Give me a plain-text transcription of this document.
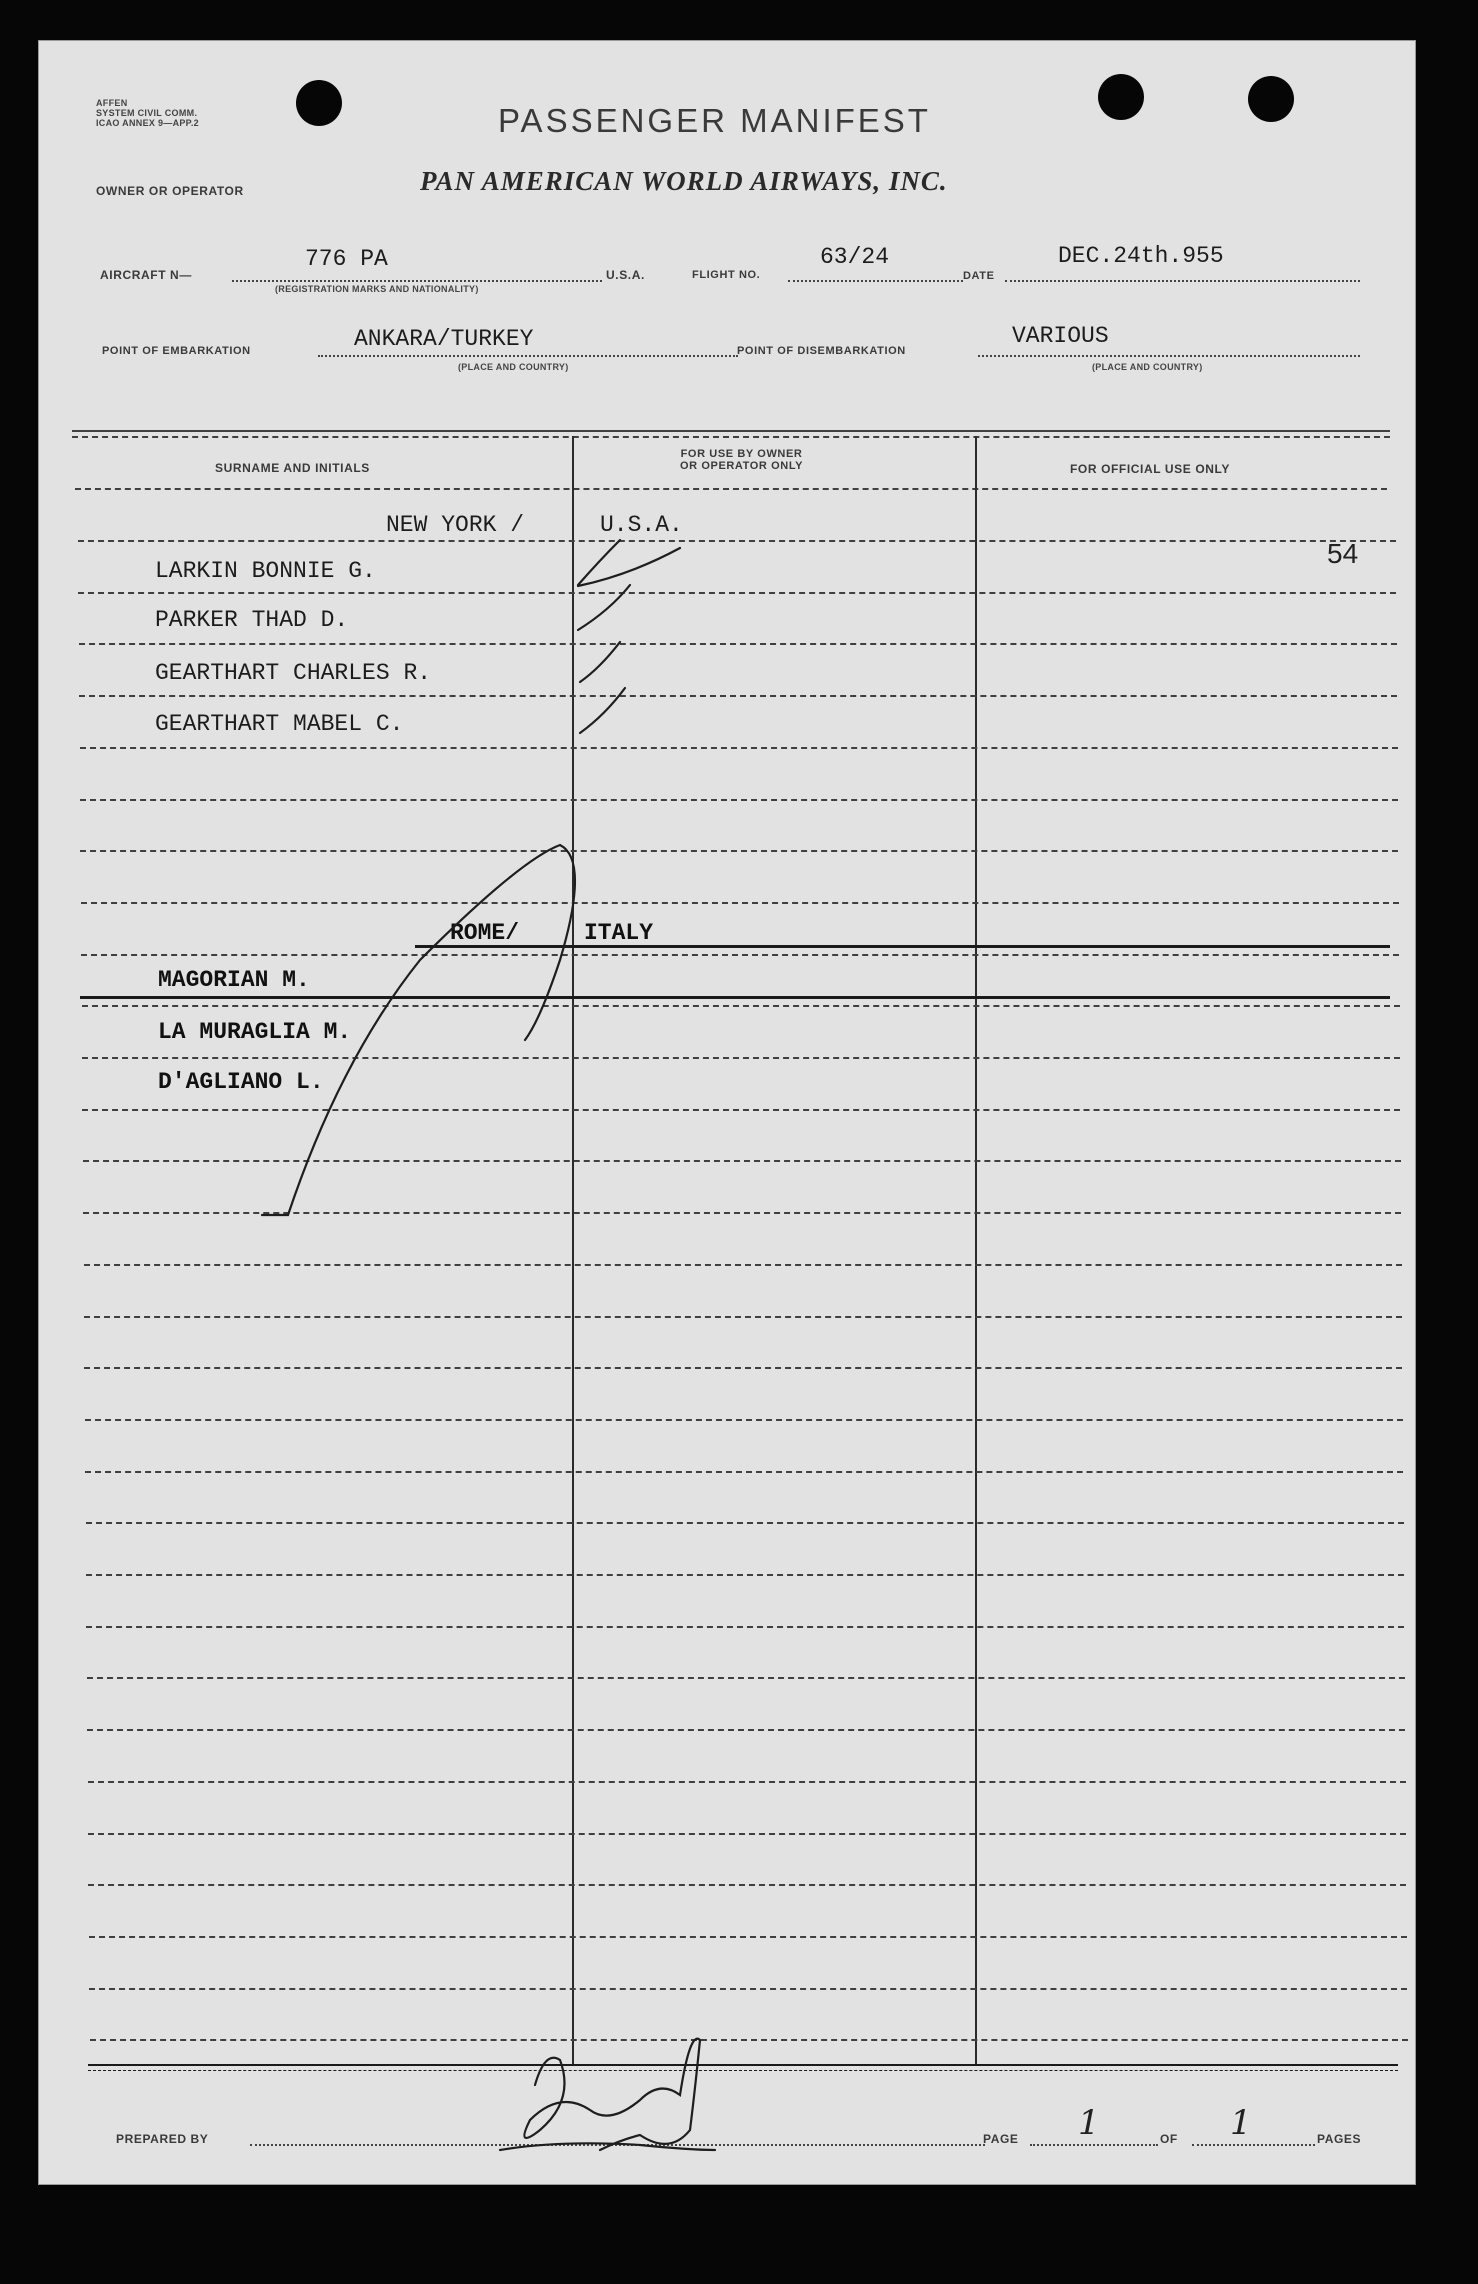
AFFEN
SYSTEM CIVIL COMM.
ICAO ANNEX 9—APP.2	PASSENGER MANIFEST
OWNER OR OPERATOR	PAN AMERICAN WORLD AIRWAYS, INC.
AIRCRAFT N—
776 PA
(REGISTRATION MARKS AND NATIONALITY)
U.S.A.	FLIGHT NO.
63/24
DATE
DEC.24th.955
POINT OF EMBARKATION	ANKARA/TURKEY
(PLACE AND COUNTRY)
POINT OF DISEMBARKATION
VARIOUS
(PLACE AND COUNTRY)
SURNAME AND INITIALS
FOR USE BY OWNER
OR OPERATOR ONLY	FOR OFFICIAL USE ONLY
NEW YORK /	U.S.A.
LARKIN BONNIE G.
PARKER THAD D.
GEARTHART CHARLES R.
GEARTHART MABEL C.
54
ROME/	ITALY
MAGORIAN M.
LA MURAGLIA M.
D'AGLIANO L.
PREPARED BY	PAGE 1	OF 1	PAGES
